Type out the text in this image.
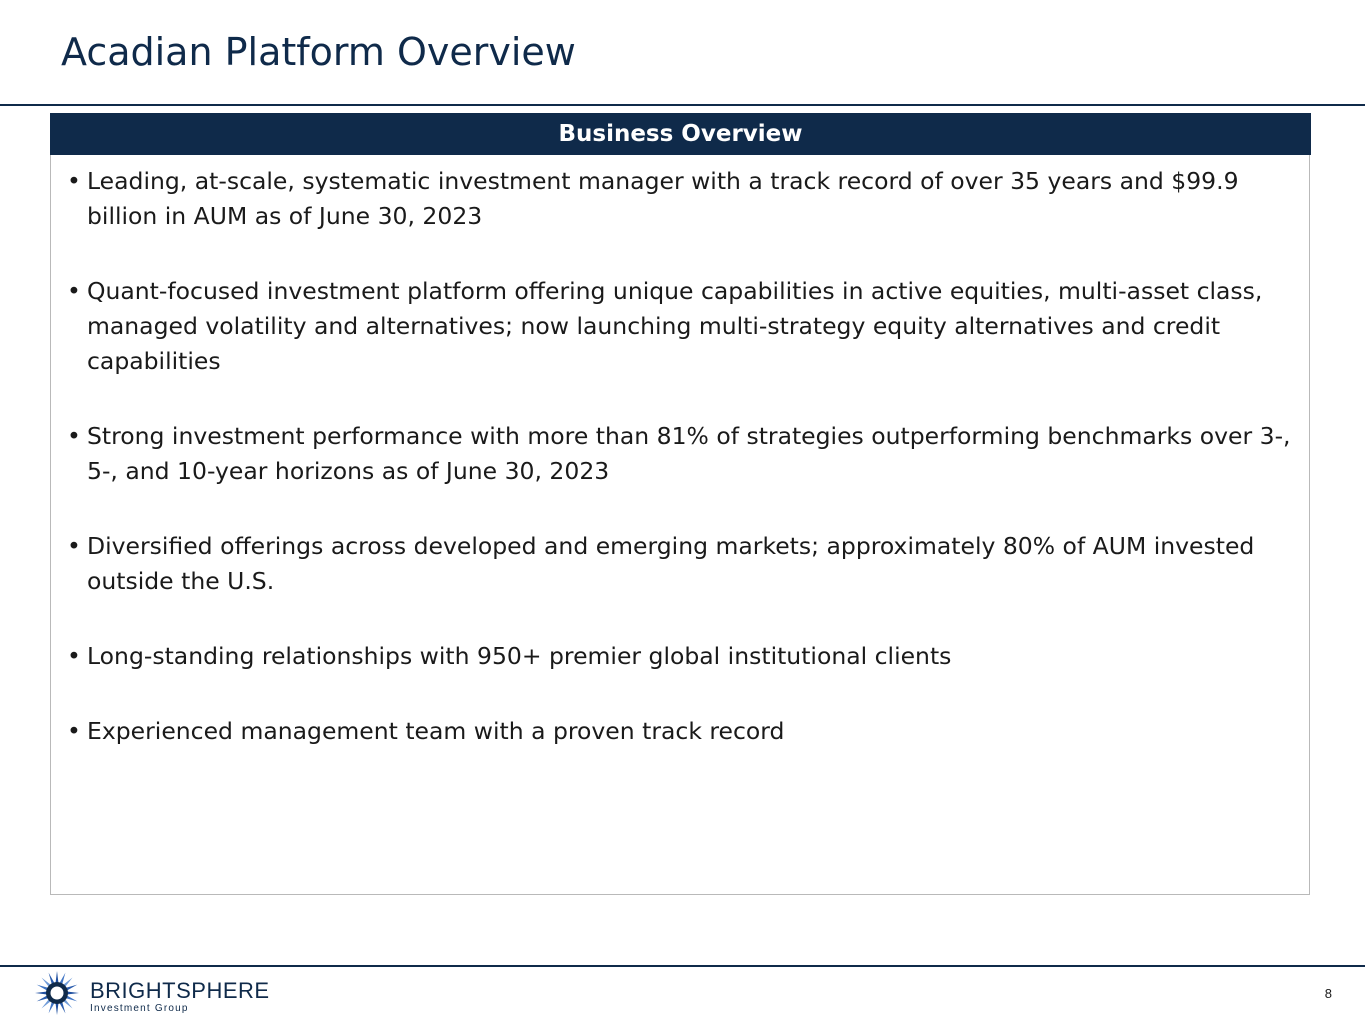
Acadian Platform Overview
Business Overview
• Leading, at-scale, systematic investment manager with a track record of over 35 years and $99.9 billion in AUM as of June 30, 2023
• Quant-focused investment platform offering unique capabilities in active equities, multi-asset class, managed volatility and alternatives; now launching multi-strategy equity alternatives and credit capabilities
• Strong investment performance with more than 81% of strategies outperforming benchmarks over 3-, 5-, and 10-year horizons as of June 30, 2023
• Diversified offerings across developed and emerging markets; approximately 80% of AUM invested outside the U.S.
• Long-standing relationships with 950+ premier global institutional clients
• Experienced management team with a proven track record
BRIGHTSPHERE
Investment Group
8
